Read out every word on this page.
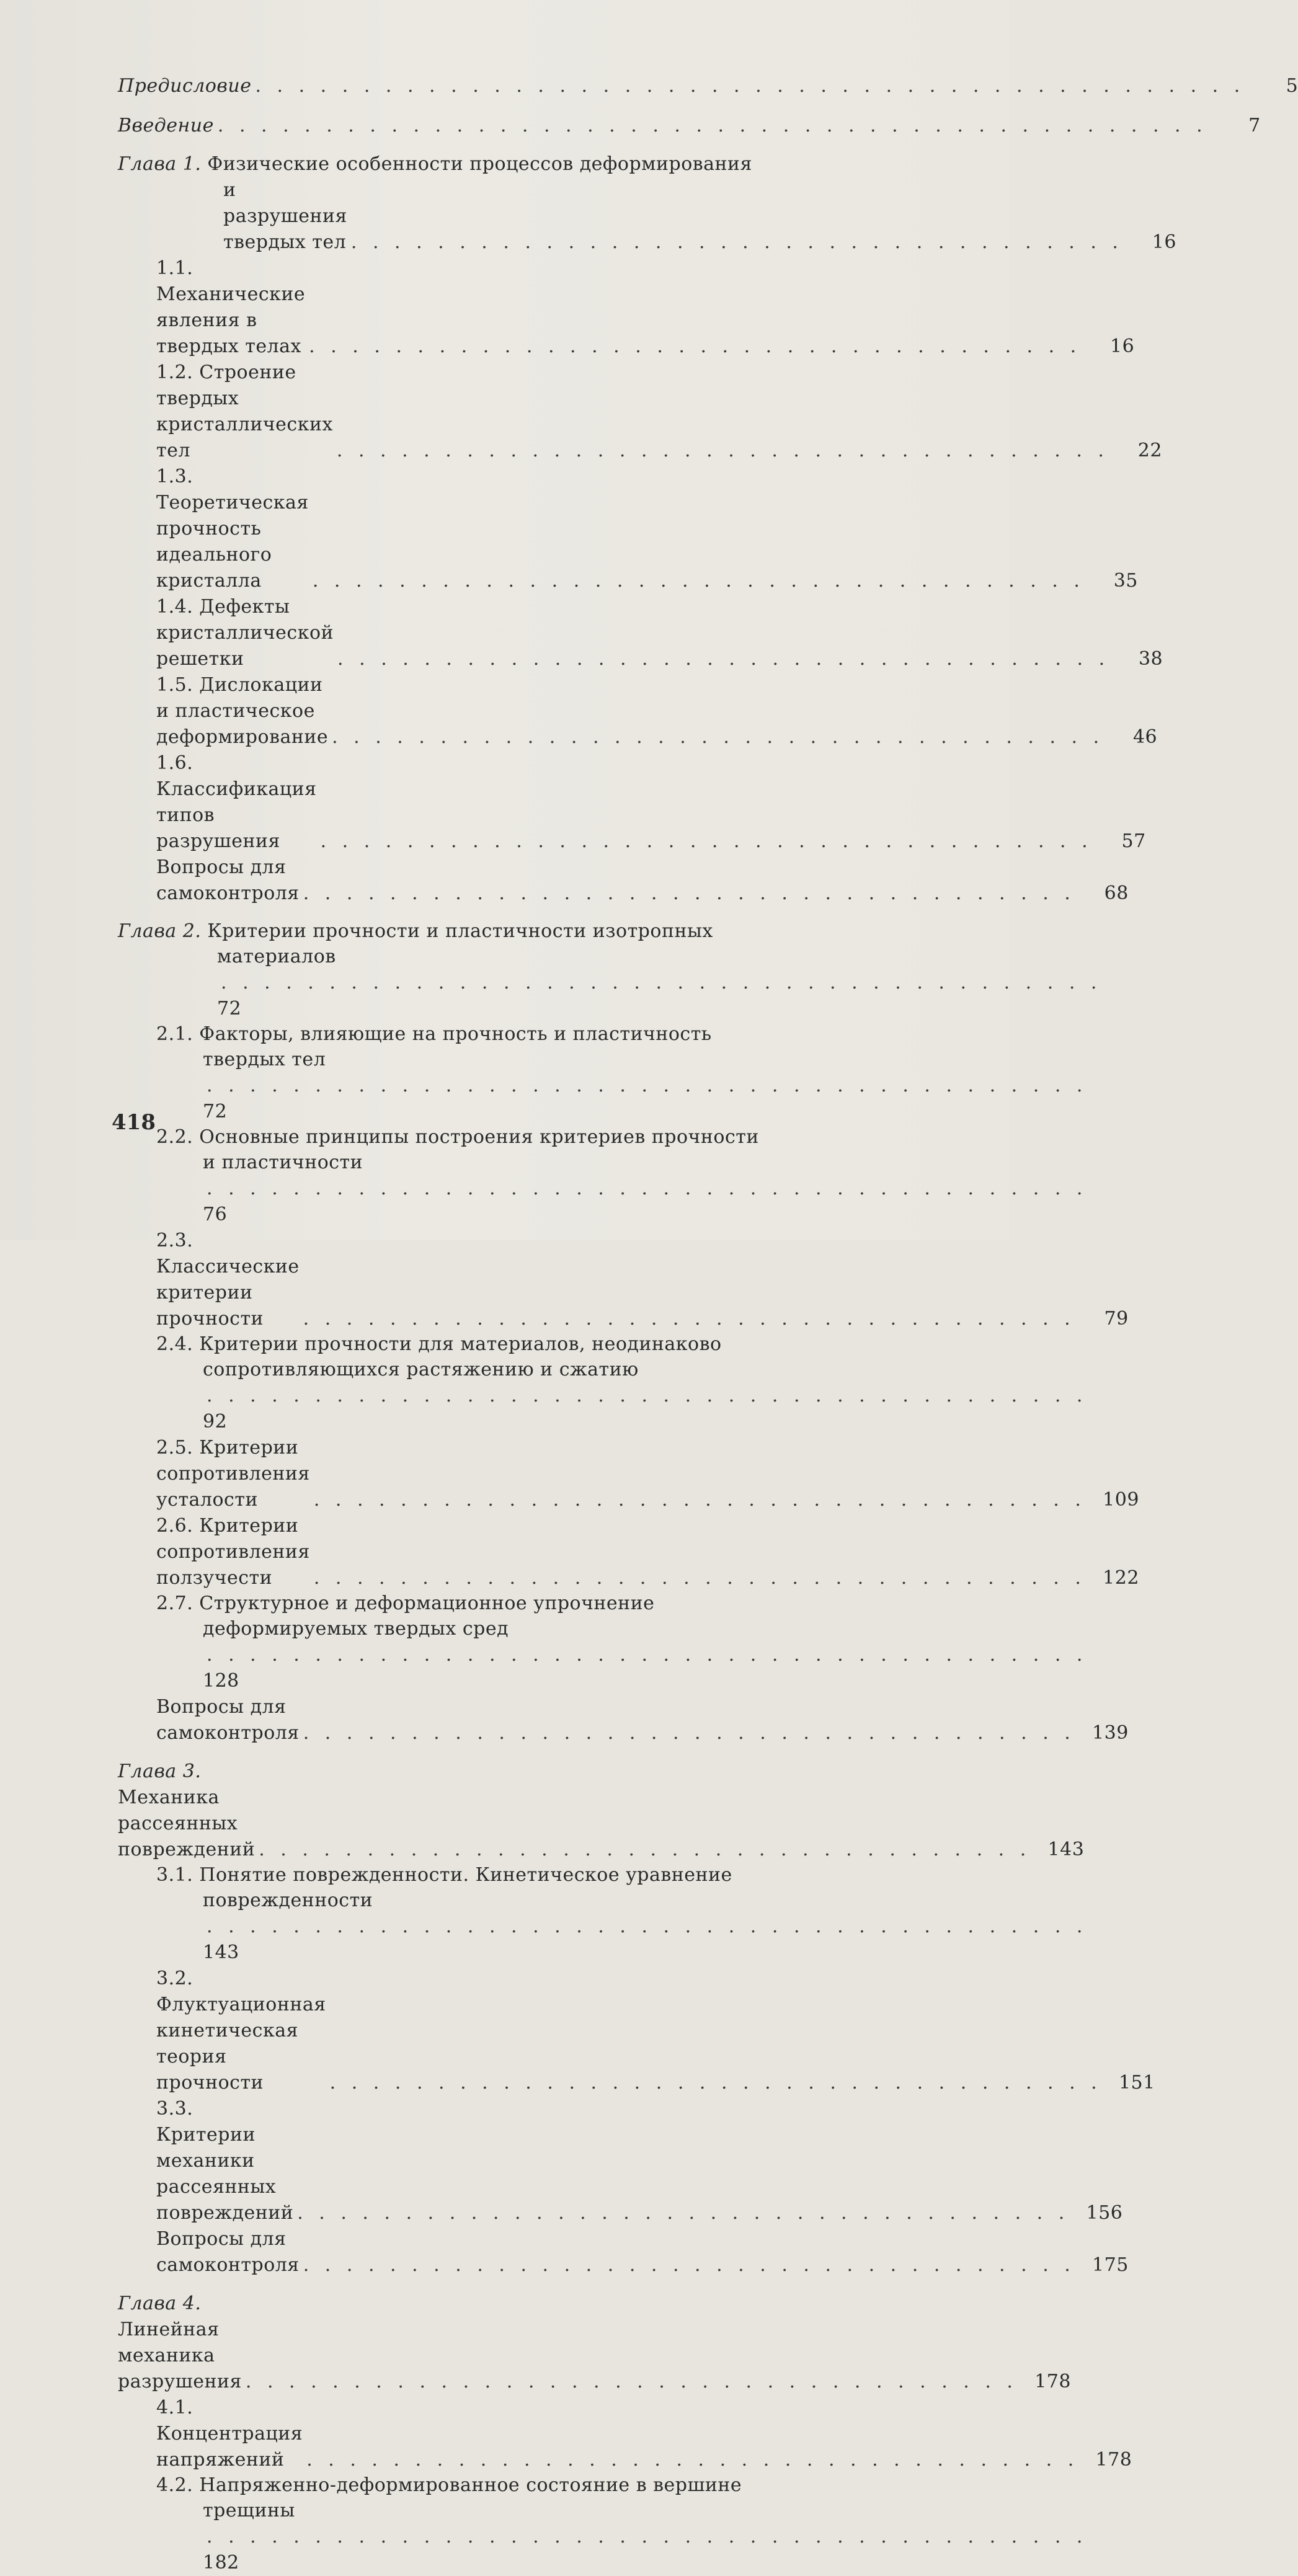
Предисловие . . . . . . . . . . . . . . . . . . . . . . . . . . . . . . . . . . . . . . . . . . . . . .	5
Введение . . . . . . . . . . . . . . . . . . . . . . . . . . . . . . . . . . . . . . . . . . . . . .	7
Глава 1. Физические особенности процессов деформирования
и разрушения твердых тел . . . . . . . . . . . . . . . . . . . . . . . . . . . . . . . . . . . .	16
1.1. Механические явления в твердых телах . . . . . . . . . . . . . . . . . . . . . . . . . . . . . . . . . . . .	16
1.2. Строение твердых кристаллических тел	. . . . . . . . . . . . . . . . . . . . . . . . . . . . . . . . . . . .	22
1.3. Теоретическая прочность идеального кристалла	. . . . . . . . . . . . . . . . . . . . . . . . . . . . . . . . . . . .	35
1.4. Дефекты кристаллической решетки	. . . . . . . . . . . . . . . . . . . . . . . . . . . . . . . . . . . .	38
1.5. Дислокации и пластическое деформирование . . . . . . . . . . . . . . . . . . . . . . . . . . . . . . . . . . . .	46
1.6. Классификация типов разрушения	. . . . . . . . . . . . . . . . . . . . . . . . . . . . . . . . . . . .	57
Вопросы для самоконтроля . . . . . . . . . . . . . . . . . . . . . . . . . . . . . . . . . . . .	68
Глава 2. Критерии прочности и пластичности изотропных
материалов . . . . . . . . . . . . . . . . . . . . . . . . . . . . . . . . . . . . . . . . . 72
2.1. Факторы, влияющие на прочность и пластичность
твердых тел . . . . . . . . . . . . . . . . . . . . . . . . . . . . . . . . . . . . . . . . . 72
2.2. Основные принципы построения критериев прочности
и пластичности . . . . . . . . . . . . . . . . . . . . . . . . . . . . . . . . . . . . . . . . . 76
2.3. Классические критерии прочности	. . . . . . . . . . . . . . . . . . . . . . . . . . . . . . . . . . . .	79
2.4. Критерии прочности для материалов, неодинаково
сопротивляющихся растяжению и сжатию . . . . . . . . . . . . . . . . . . . . . . . . . . . . . . . . . . . . . . . . . 92
2.5. Критерии сопротивления усталости	. . . . . . . . . . . . . . . . . . . . . . . . . . . . . . . . . . . . 109
2.6. Критерии сопротивления ползучести	. . . . . . . . . . . . . . . . . . . . . . . . . . . . . . . . . . . . 122
2.7. Структурное и деформационное упрочнение
деформируемых твердых сред . . . . . . . . . . . . . . . . . . . . . . . . . . . . . . . . . . . . . . . . . 128
Вопросы для самоконтроля . . . . . . . . . . . . . . . . . . . . . . . . . . . . . . . . . . . . 139
Глава 3. Механика рассеянных повреждений . . . . . . . . . . . . . . . . . . . . . . . . . . . . . . . . . . . . 143
3.1. Понятие поврежденности. Кинетическое уравнение
поврежденности . . . . . . . . . . . . . . . . . . . . . . . . . . . . . . . . . . . . . . . . . 143
3.2. Флуктуационная кинетическая теория прочности	. . . . . . . . . . . . . . . . . . . . . . . . . . . . . . . . . . . . 151
3.3. Критерии механики рассеянных повреждений . . . . . . . . . . . . . . . . . . . . . . . . . . . . . . . . . . . . 156
Вопросы для самоконтроля . . . . . . . . . . . . . . . . . . . . . . . . . . . . . . . . . . . . 175
Глава 4. Линейная механика разрушения . . . . . . . . . . . . . . . . . . . . . . . . . . . . . . . . . . . . 178
4.1. Концентрация напряжений	. . . . . . . . . . . . . . . . . . . . . . . . . . . . . . . . . . . . 178
4.2. Напряженно-деформированное состояние в вершине
трещины . . . . . . . . . . . . . . . . . . . . . . . . . . . . . . . . . . . . . . . . . 182
418
